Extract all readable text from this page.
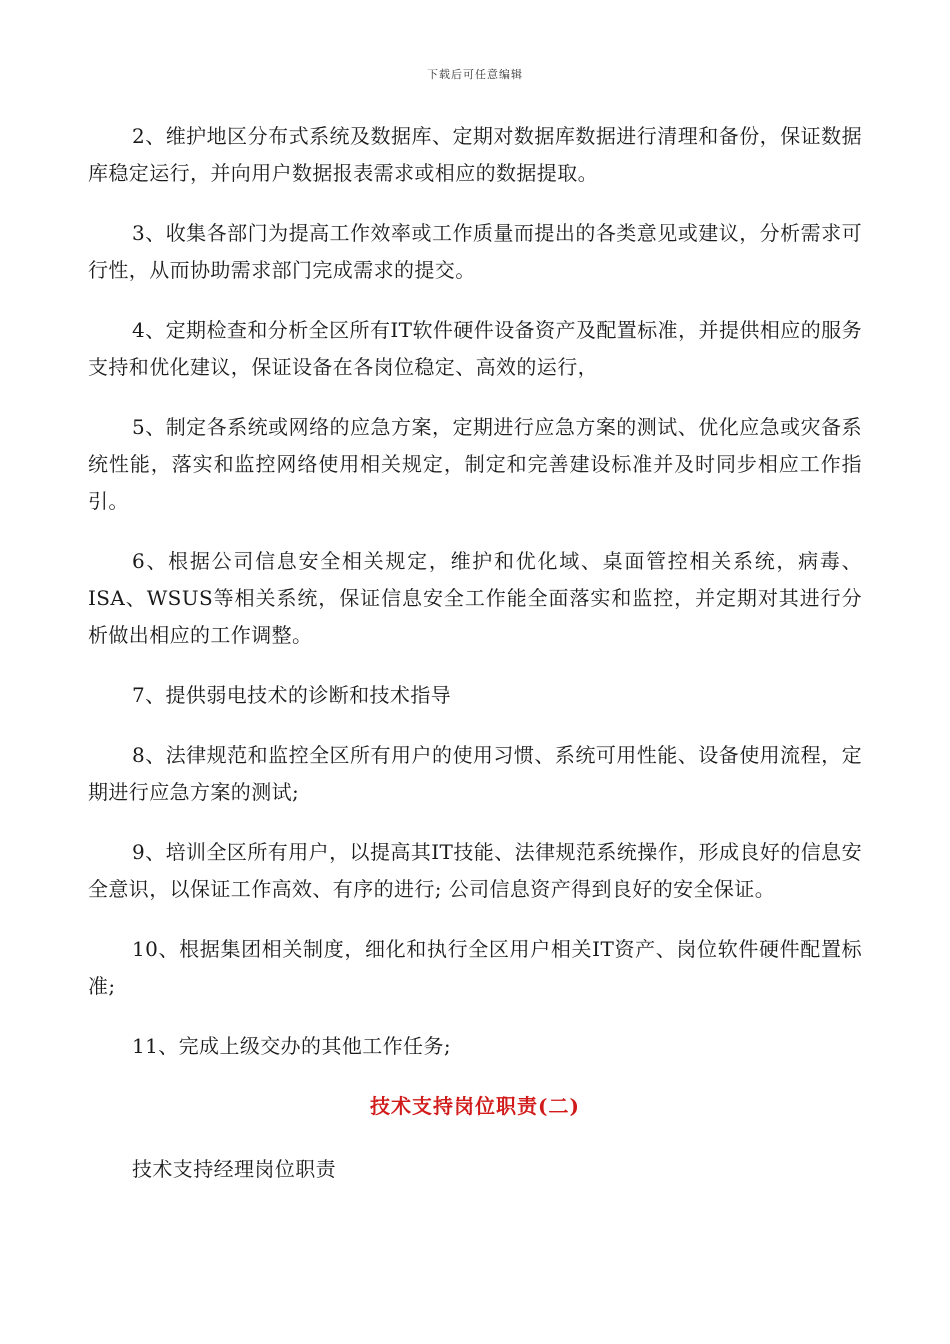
下载后可任意编辑

2、维护地区分布式系统及数据库、定期对数据库数据进行清理和备份，保证数据库稳定运行，并向用户数据报表需求或相应的数据提取。

3、收集各部门为提高工作效率或工作质量而提出的各类意见或建议，分析需求可行性，从而协助需求部门完成需求的提交。

4、定期检查和分析全区所有IT软件硬件设备资产及配置标准，并提供相应的服务支持和优化建议，保证设备在各岗位稳定、高效的运行，

5、制定各系统或网络的应急方案，定期进行应急方案的测试、优化应急或灾备系统性能，落实和监控网络使用相关规定，制定和完善建设标准并及时同步相应工作指引。

6、根据公司信息安全相关规定，维护和优化域、桌面管控相关系统，病毒、ISA、WSUS等相关系统，保证信息安全工作能全面落实和监控，并定期对其进行分析做出相应的工作调整。

7、提供弱电技术的诊断和技术指导

8、法律规范和监控全区所有用户的使用习惯、系统可用性能、设备使用流程，定期进行应急方案的测试;

9、培训全区所有用户，以提高其IT技能、法律规范系统操作，形成良好的信息安全意识，以保证工作高效、有序的进行; 公司信息资产得到良好的安全保证。

10、根据集团相关制度，细化和执行全区用户相关IT资产、岗位软件硬件配置标准;

11、完成上级交办的其他工作任务;

技术支持岗位职责(二)

技术支持经理岗位职责
